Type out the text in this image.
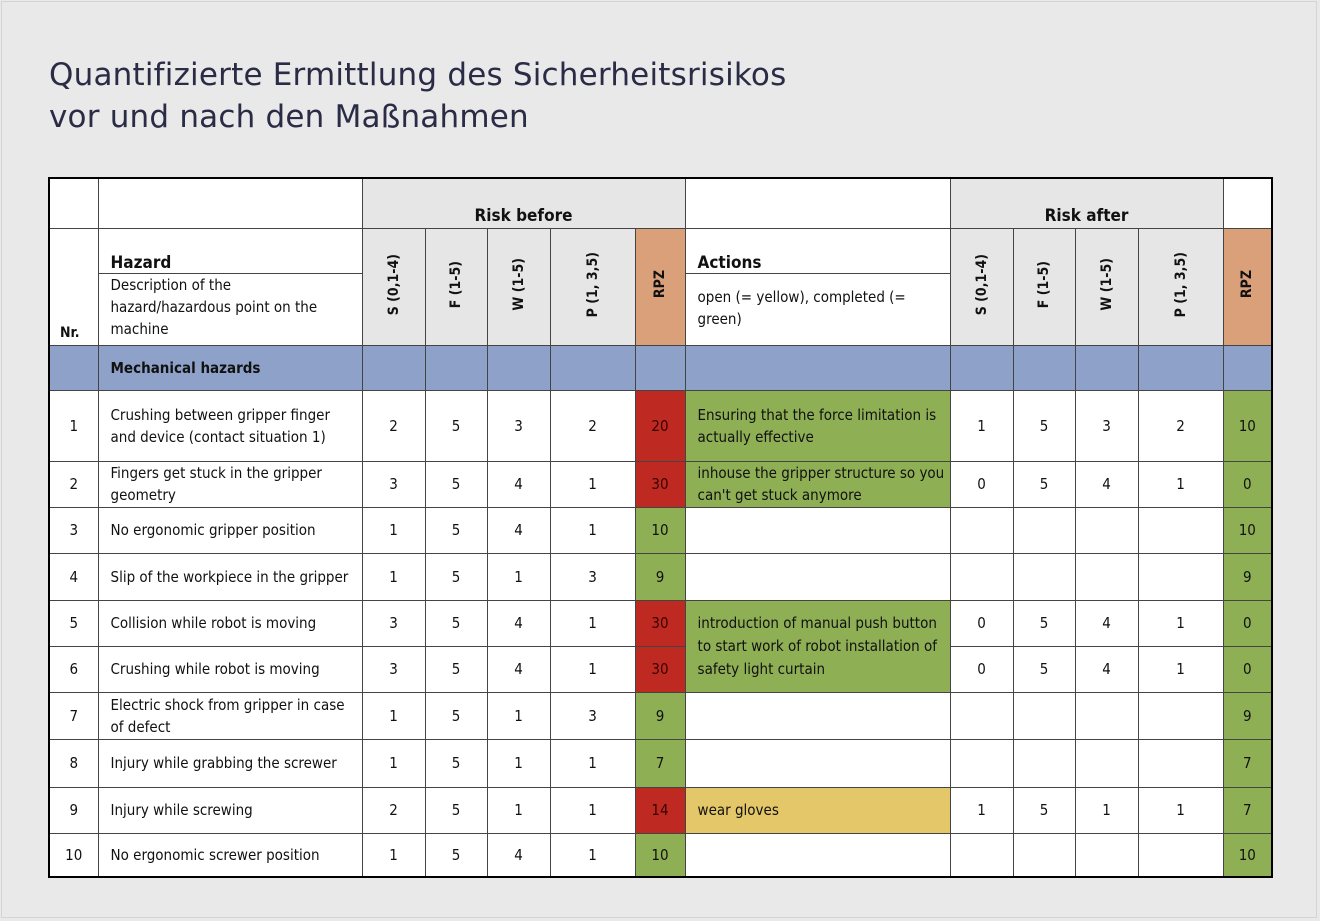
Quantifizierte Ermittlung des Sicherheitsrisikos
vor und nach den Maßnahmen
		Risk before						Risk after				
Nr.	Hazard	S (0,1-4)	F (1-5)	W (1-5)	P (1, 3,5)	RPZ	Actions	S (0,1-4)	F (1-5)	W (1-5)	P (1, 3,5)	RPZ
	Description of the hazard/hazardous point on the machine						open (= yellow), completed (= green)					
	Mechanical hazards											
1	Crushing between gripper finger and device (contact situation 1)	2	5	3	2	20	Ensuring that the force limitation is actually effective	1	5	3	2	10
2	Fingers get stuck in the gripper geometry	3	5	4	1	30	inhouse the gripper structure so you can't get stuck anymore	0	5	4	1	0
3	No ergonomic gripper position	1	5	4	1	10						10
4	Slip of the workpiece in the gripper	1	5	1	3	9						9
5	Collision while robot is moving	3	5	4	1	30	introduction of manual push button to start work of robot installation of safety light curtain	0	5	4	1	0
6	Crushing while robot is moving	3	5	4	1	30		0	5	4	1	0
7	Electric shock from gripper in case of defect	1	5	1	3	9						9
8	Injury while grabbing the screwer	1	5	1	1	7						7
9	Injury while screwing	2	5	1	1	14	wear gloves	1	5	1	1	7
10	No ergonomic screwer position	1	5	4	1	10						10
